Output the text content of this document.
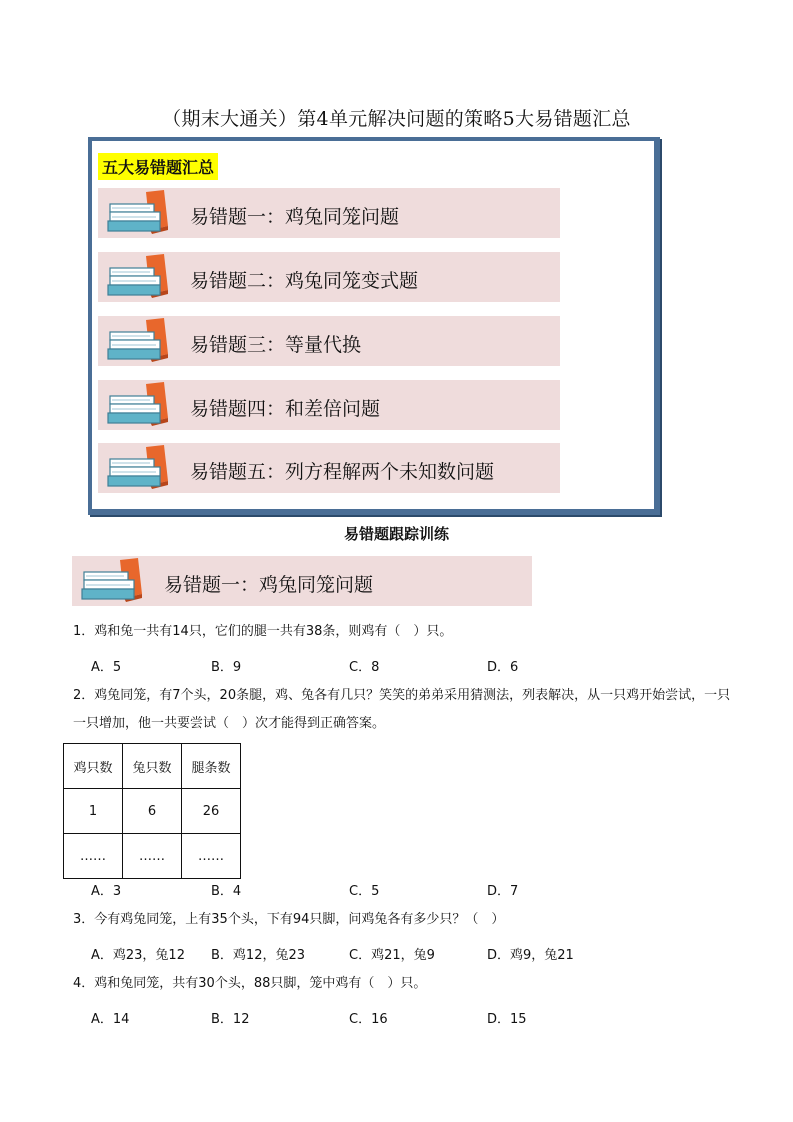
（期末大通关）第4单元解决问题的策略5大易错题汇总
五大易错题汇总
易错题一：鸡兔同笼问题
易错题二：鸡兔同笼变式题
易错题三：等量代换
易错题四：和差倍问题
易错题五：列方程解两个未知数问题
易错题跟踪训练
易错题一：鸡兔同笼问题
1．鸡和兔一共有14只，它们的腿一共有38条，则鸡有（　）只。
A．5	B．9	C．8	D．6
2．鸡兔同笼，有7个头，20条腿，鸡、兔各有几只？笑笑的弟弟采用猜测法，列表解决，从一只鸡开始尝试，一只一只增加，他一共要尝试（　）次才能得到正确答案。
鸡只数	兔只数	腿条数
1	6	26
……	……	……
A．3	B．4	C．5	D．7
3．今有鸡兔同笼，上有35个头，下有94只脚，问鸡兔各有多少只？（　）
A．鸡23，兔12 B．鸡12，兔23	C．鸡21，兔9	D．鸡9，兔21
4．鸡和兔同笼，共有30个头，88只脚，笼中鸡有（　）只。
A．14	B．12	C．16	D．15
